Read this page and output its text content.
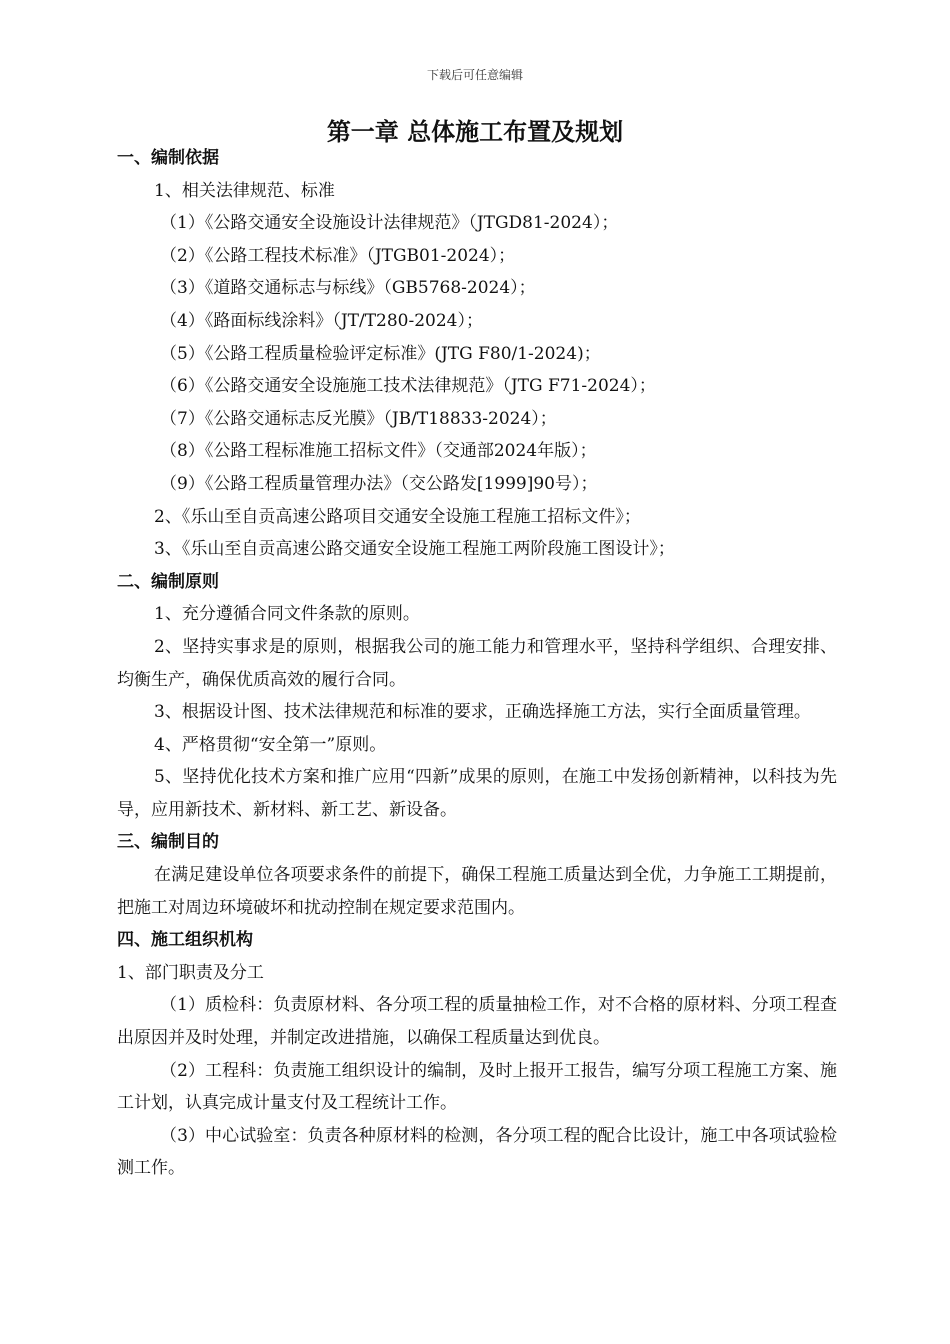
下载后可任意编辑
第一章 总体施工布置及规划
一、编制依据
1、相关法律规范、标准
（1）《公路交通安全设施设计法律规范》（JTGD81-2024）；
（2）《公路工程技术标准》（JTGB01-2024）；
（3）《道路交通标志与标线》（GB5768-2024）；
（4）《路面标线涂料》（JT/T280-2024）；
（5）《公路工程质量检验评定标准》(JTG F80/1-2024)；
（6）《公路交通安全设施施工技术法律规范》（JTG F71-2024）；
（7）《公路交通标志反光膜》（JB/T18833-2024）；
（8）《公路工程标准施工招标文件》（交通部2024年版）；
（9）《公路工程质量管理办法》（交公路发[1999]90号）；
2、《乐山至自贡高速公路项目交通安全设施工程施工招标文件》；
3、《乐山至自贡高速公路交通安全设施工程施工两阶段施工图设计》；
二、编制原则
1、充分遵循合同文件条款的原则。
2、坚持实事求是的原则，根据我公司的施工能力和管理水平，坚持科学组织、合理安排、均衡生产，确保优质高效的履行合同。
3、根据设计图、技术法律规范和标准的要求，正确选择施工方法，实行全面质量管理。
4、严格贯彻“安全第一”原则。
5、坚持优化技术方案和推广应用“四新”成果的原则，在施工中发扬创新精神，以科技为先导，应用新技术、新材料、新工艺、新设备。
三、编制目的
在满足建设单位各项要求条件的前提下，确保工程施工质量达到全优，力争施工工期提前，把施工对周边环境破坏和扰动控制在规定要求范围内。
四、施工组织机构
1、部门职责及分工
（1）质检科：负责原材料、各分项工程的质量抽检工作，对不合格的原材料、分项工程查出原因并及时处理，并制定改进措施，以确保工程质量达到优良。
（2）工程科：负责施工组织设计的编制，及时上报开工报告，编写分项工程施工方案、施工计划，认真完成计量支付及工程统计工作。
（3）中心试验室：负责各种原材料的检测，各分项工程的配合比设计，施工中各项试验检测工作。
